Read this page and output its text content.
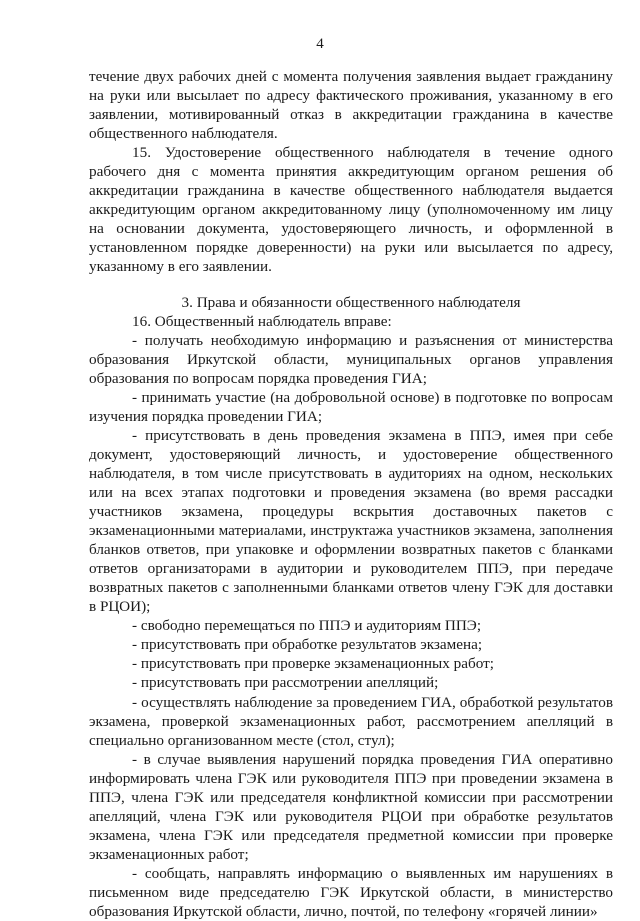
4

течение двух рабочих дней с момента получения заявления выдает гражданину на руки или высылает по адресу фактического проживания, указанному в его заявлении, мотивированный отказ в аккредитации гражданина в качестве общественного наблюдателя.

15. Удостоверение общественного наблюдателя в течение одного рабочего дня с момента принятия аккредитующим органом решения об аккредитации гражданина в качестве общественного наблюдателя выдается аккредитующим органом аккредитованному лицу (уполномоченному им лицу на основании документа, удостоверяющего личность, и оформленной в установленном порядке доверенности) на руки или высылается по адресу, указанному в его заявлении.

3. Права и обязанности общественного наблюдателя

16. Общественный наблюдатель вправе:

- получать необходимую информацию и разъяснения от министерства образования Иркутской области, муниципальных органов управления образования по вопросам порядка проведения ГИА;

- принимать участие (на добровольной основе) в подготовке по вопросам изучения порядка проведении ГИА;

- присутствовать в день проведения экзамена в ППЭ, имея при себе документ, удостоверяющий личность, и удостоверение общественного наблюдателя, в том числе присутствовать в аудиториях на одном, нескольких или на всех этапах подготовки и проведения экзамена (во время рассадки участников экзамена, процедуры вскрытия доставочных пакетов с экзаменационными материалами, инструктажа участников экзамена, заполнения бланков ответов, при упаковке и оформлении возвратных пакетов с бланками ответов организаторами в аудитории и руководителем ППЭ, при передаче возвратных пакетов с заполненными бланками ответов члену ГЭК для доставки в РЦОИ);

- свободно перемещаться по ППЭ и аудиториям ППЭ;

- присутствовать при обработке результатов экзамена;

- присутствовать при проверке экзаменационных работ;

- присутствовать при рассмотрении апелляций;

- осуществлять наблюдение за проведением ГИА, обработкой результатов экзамена, проверкой экзаменационных работ, рассмотрением апелляций в специально организованном месте (стол, стул);

- в случае выявления нарушений порядка проведения ГИА оперативно информировать члена ГЭК или руководителя ППЭ при проведении экзамена в ППЭ, члена ГЭК или председателя конфликтной комиссии при рассмотрении апелляций, члена ГЭК или руководителя РЦОИ при обработке результатов экзамена, члена ГЭК или председателя предметной комиссии при проверке экзаменационных работ;

- сообщать, направлять информацию о выявленных им нарушениях в письменном виде председателю ГЭК Иркутской области, в министерство образования Иркутской области, лично, почтой, по телефону «горячей линии»
